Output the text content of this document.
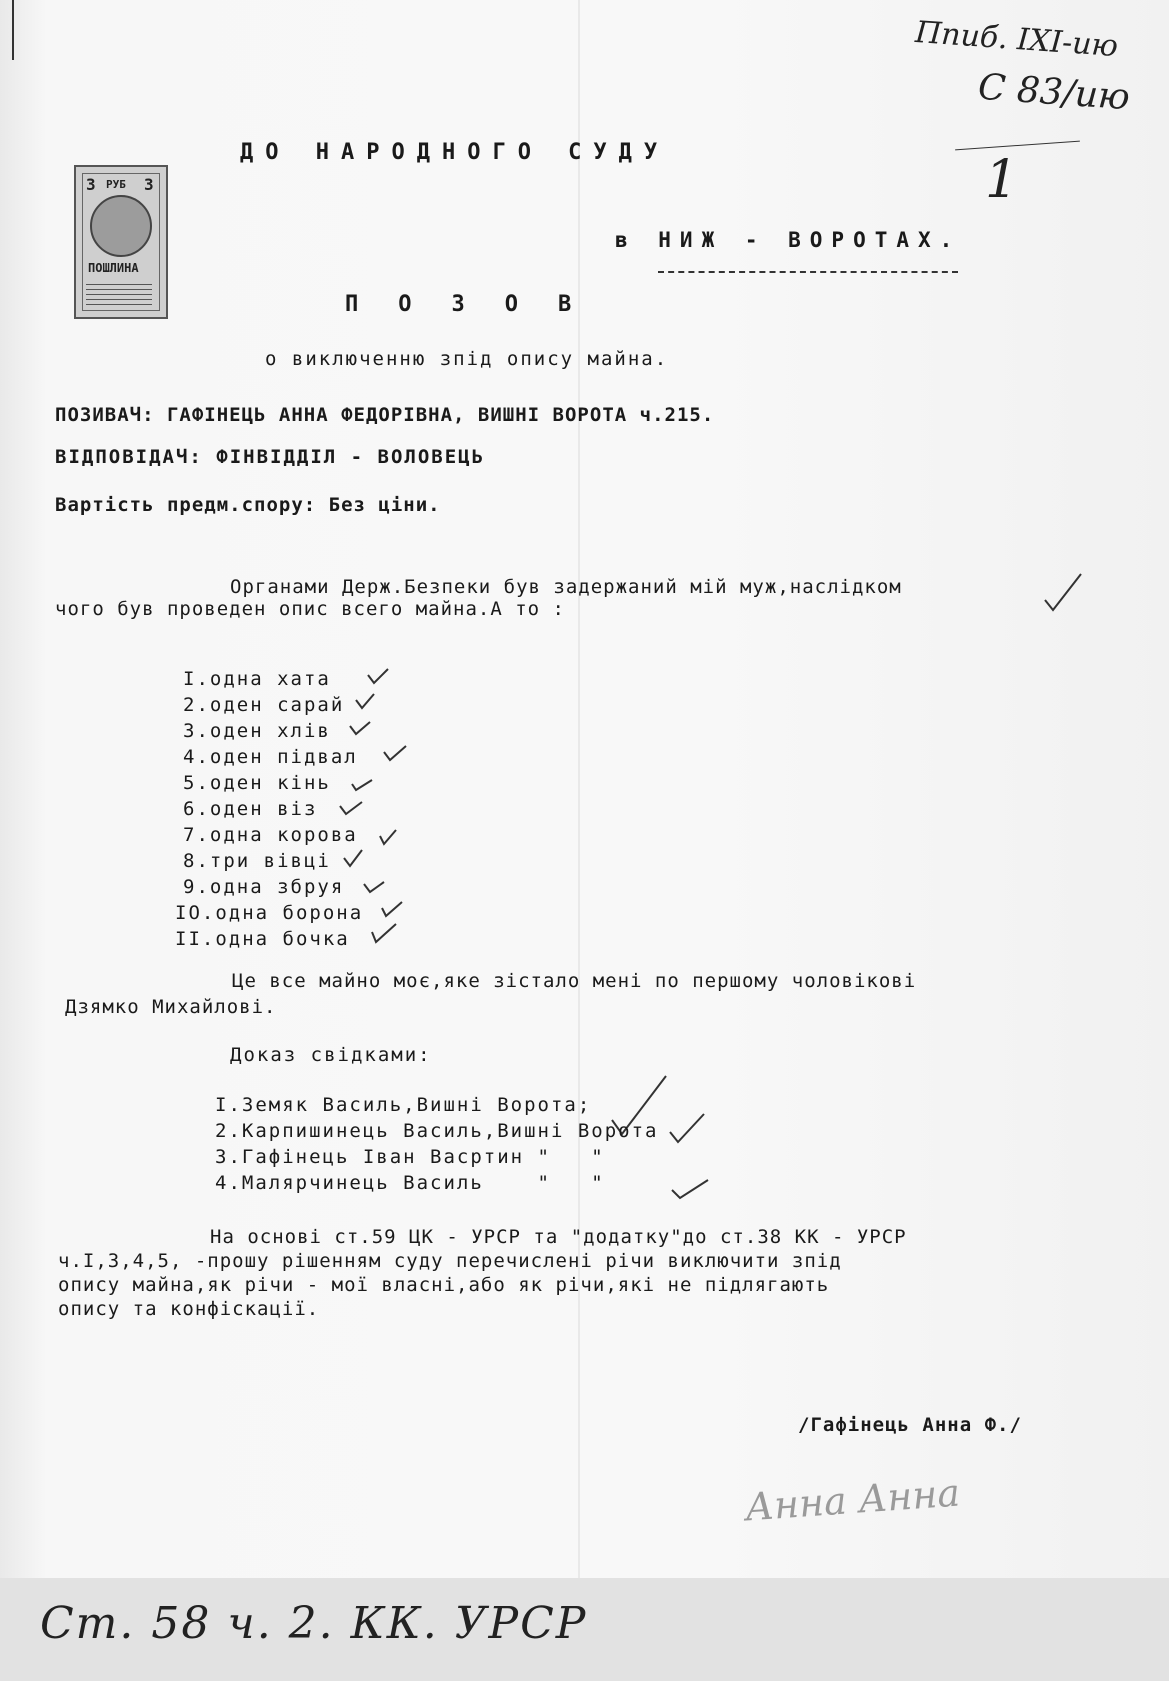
Ппиб. ІХІ-ию
С 83/ию
1
3 РУБ 3
ПОШЛИНА
ДО НАРОДНОГО СУДУ
в НИЖ - ВОРОТАХ.
ПОЗОВ
о виключенню зпід опису майна.
ПОЗИВАЧ: ГАФІНЕЦЬ АННА ФЕДОРІВНА, ВИШНІ ВОРОТА ч.215.
ВІДПОВІДАЧ: ФІНВІДДІЛ - ВОЛОВЕЦЬ
Вартість предм.спору: Без ціни.
Органами Держ.Безпеки був задержаний мій муж,наслідком
чого був проведен опис всего майна.А то :
І.одна хата
2.оден сарай
3.оден хлів
4.оден підвал
5.оден кінь
6.оден віз
7.одна корова
8.три вівці
9.одна збруя
ІО.одна борона
ІІ.одна бочка
Це все майно моє,яке зістало мені по першому чоловікові
Дзямко Михайлові.
Доказ свідками:
І.Земяк Василь,Вишні Ворота;
2.Карпишинець Василь,Вишні Ворота
3.Гафінець Іван Васртин "   "
4.Малярчинець Василь    "   "
На основі ст.59 ЦК - УРСР та "додатку"до ст.38 КК - УРСР
ч.І,3,4,5, -прошу рішенням суду перечислені річи виключити зпід
опису майна,як річи - мої власні,або як річи,які не підлягають
опису та конфіскації.
/Гафінець Анна Ф./
Анна Анна
Ст. 58 ч. 2. КК. УРСР
